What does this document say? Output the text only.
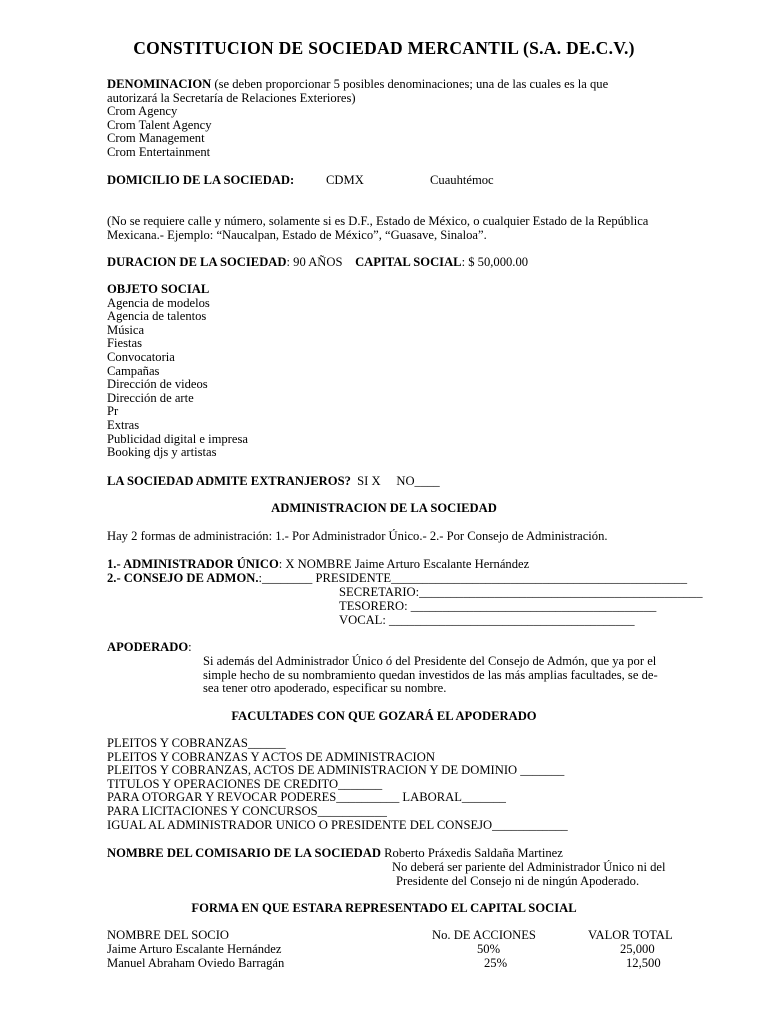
CONSTITUCION DE SOCIEDAD MERCANTIL (S.A. DE.C.V.)
DENOMINACION (se deben proporcionar 5 posibles denominaciones; una de las cuales es la que
autorizará la Secretaría de Relaciones Exteriores)
Crom Agency
Crom Talent Agency
Crom Management
Crom Entertainment
DOMICILIO DE LA SOCIEDAD:	CDMX	Cuauhtémoc
(No se requiere calle y número, solamente si es D.F., Estado de México, o cualquier Estado de la República
Mexicana.- Ejemplo: “Naucalpan, Estado de México”, “Guasave, Sinaloa”.
DURACION DE LA SOCIEDAD: 90 AÑOS CAPITAL SOCIAL: $ 50,000.00
OBJETO SOCIAL
Agencia de modelos
Agencia de talentos
Música
Fiestas
Convocatoria
Campañas
Dirección de videos
Dirección de arte
Pr
Extras
Publicidad digital e impresa
Booking djs y artistas
LA SOCIEDAD ADMITE EXTRANJEROS?  SI X     NO____
ADMINISTRACION DE LA SOCIEDAD
Hay 2 formas de administración: 1.- Por Administrador Único.- 2.- Por Consejo de Administración.
1.- ADMINISTRADOR ÚNICO: X NOMBRE Jaime Arturo Escalante Hernández
2.- CONSEJO DE ADMON.:________ PRESIDENTE_______________________________________________
SECRETARIO:_____________________________________________
TESORERO: _______________________________________
VOCAL: _______________________________________
APODERADO:
Si además del Administrador Único ó del Presidente del Consejo de Admón, que ya por el
simple hecho de su nombramiento quedan investidos de las más amplias facultades, se de-
sea tener otro apoderado, especificar su nombre.
FACULTADES CON QUE GOZARÁ EL APODERADO
PLEITOS Y COBRANZAS______
PLEITOS Y COBRANZAS Y ACTOS DE ADMINISTRACION
PLEITOS Y COBRANZAS, ACTOS DE ADMINISTRACION Y DE DOMINIO _______
TITULOS Y OPERACIONES DE CREDITO_______
PARA OTORGAR Y REVOCAR PODERES__________ LABORAL_______
PARA LICITACIONES Y CONCURSOS___________
IGUAL AL ADMINISTRADOR UNICO O PRESIDENTE DEL CONSEJO____________
NOMBRE DEL COMISARIO DE LA SOCIEDAD Roberto Práxedis Saldaña Martinez
No deberá ser pariente del Administrador Único ni del
Presidente del Consejo ni de ningún Apoderado.
FORMA EN QUE ESTARA REPRESENTADO EL CAPITAL SOCIAL
NOMBRE DEL SOCIO	No. DE ACCIONES	VALOR TOTAL
Jaime Arturo Escalante Hernández	50%	25,000
Manuel Abraham Oviedo Barragán	25%	12,500
